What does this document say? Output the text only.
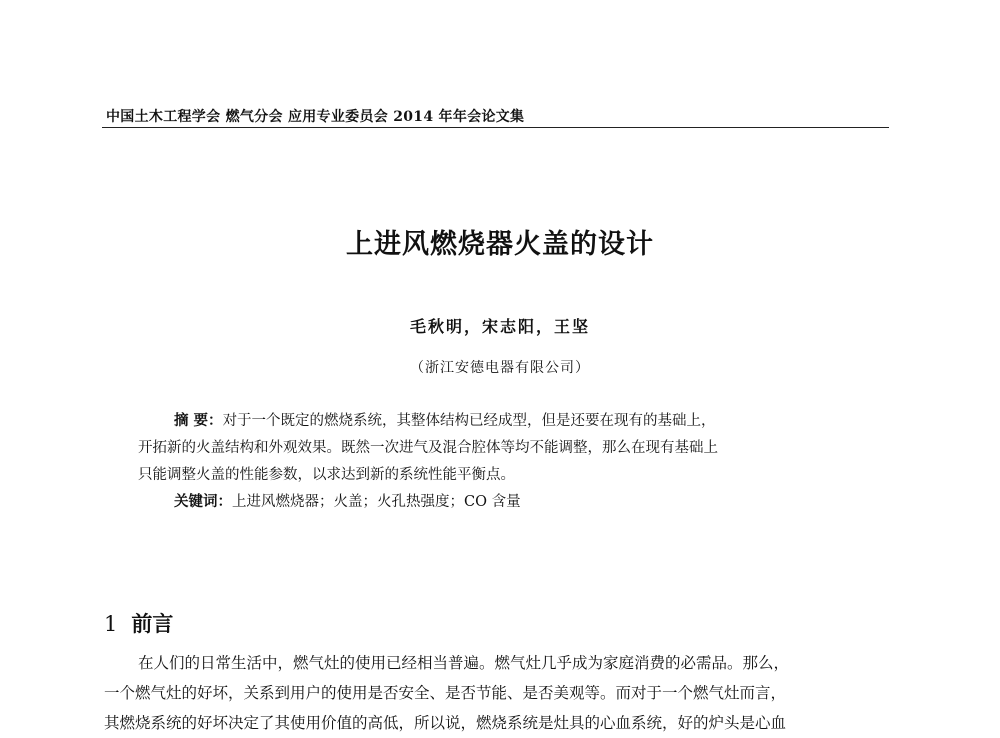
中国土木工程学会 燃气分会 应用专业委员会 2014 年年会论文集
上进风燃烧器火盖的设计
毛秋明，宋志阳，王坚
（浙江安德电器有限公司）
摘 要：对于一个既定的燃烧系统，其整体结构已经成型，但是还要在现有的基础上，
开拓新的火盖结构和外观效果。既然一次进气及混合腔体等均不能调整，那么在现有基础上
只能调整火盖的性能参数，以求达到新的系统性能平衡点。
关键词：上进风燃烧器；火盖；火孔热强度；CO 含量
1 前言
在人们的日常生活中，燃气灶的使用已经相当普遍。燃气灶几乎成为家庭消费的必需品。那么，
一个燃气灶的好坏，关系到用户的使用是否安全、是否节能、是否美观等。而对于一个燃气灶而言，
其燃烧系统的好坏决定了其使用价值的高低，所以说，燃烧系统是灶具的心血系统，好的炉头是心血
